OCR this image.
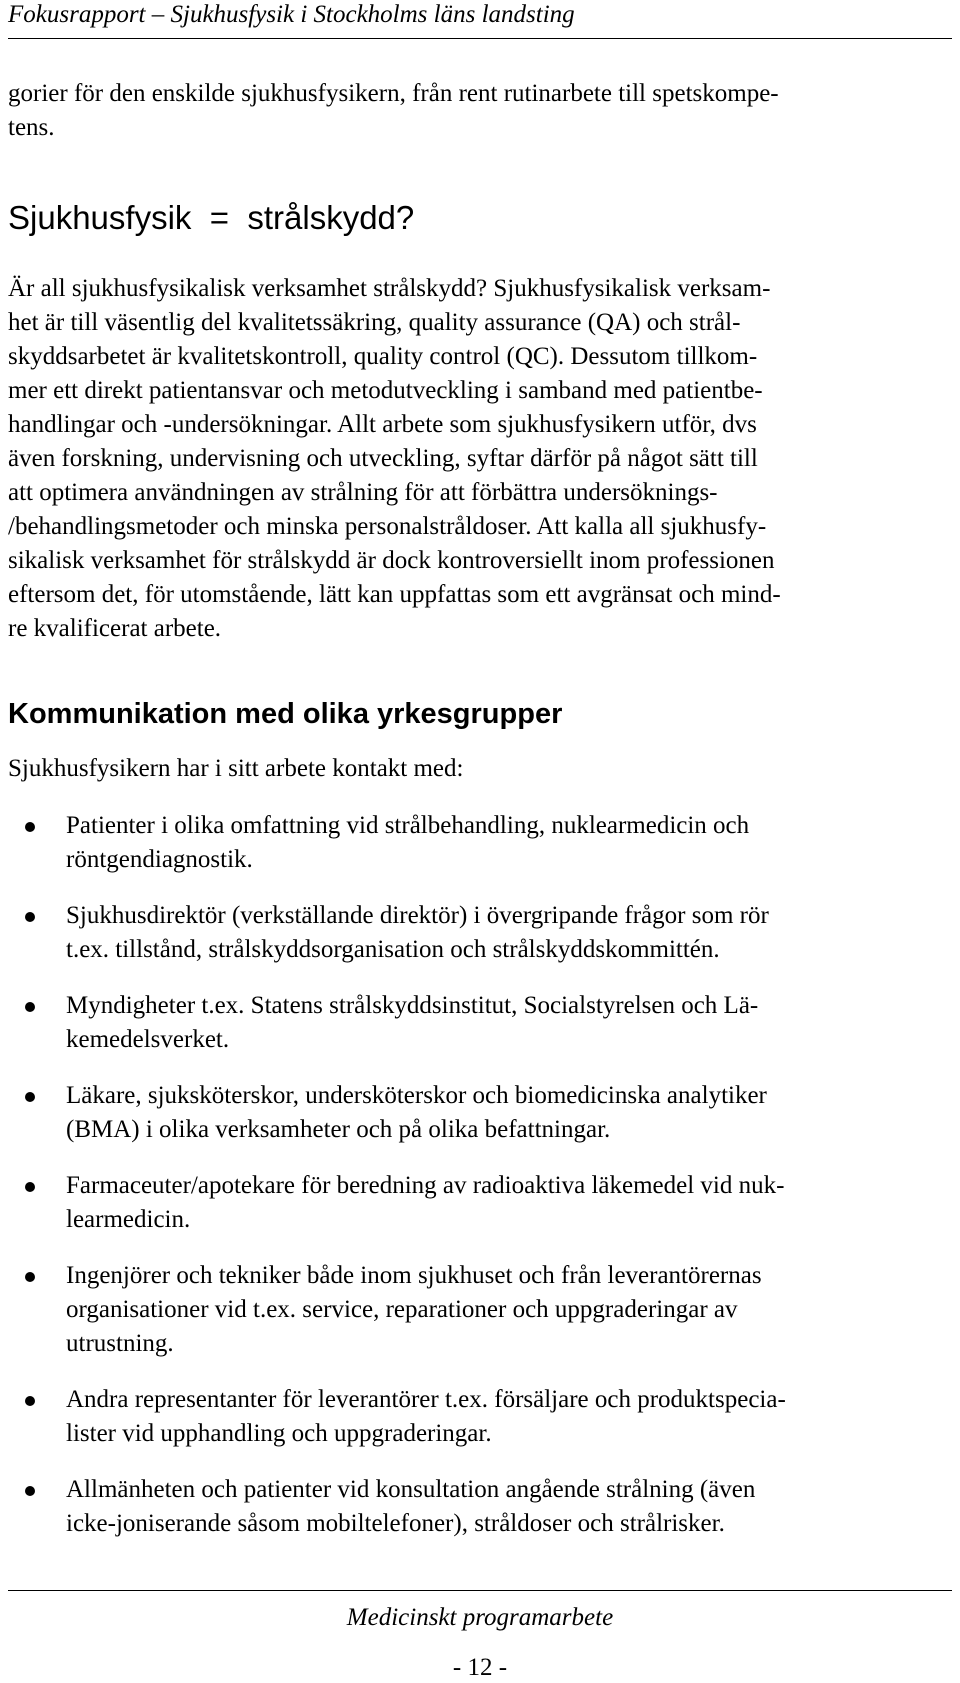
Fokusrapport – Sjukhusfysik i Stockholms läns landsting
gorier för den enskilde sjukhusfysikern, från rent rutinarbete till spetskompe-
tens.
Sjukhusfysik  =  strålskydd?
Är all sjukhusfysikalisk verksamhet strålskydd? Sjukhusfysikalisk verksam-
het är till väsentlig del kvalitetssäkring, quality assurance (QA) och strål-
skyddsarbetet är kvalitetskontroll, quality control (QC). Dessutom tillkom-
mer ett direkt patientansvar och metodutveckling i samband med patientbe-
handlingar och -undersökningar. Allt arbete som sjukhusfysikern utför, dvs
även forskning, undervisning och utveckling, syftar därför på något sätt till
att optimera användningen av strålning för att förbättra undersöknings-
/behandlingsmetoder och minska personalstråldoser. Att kalla all sjukhusfy-
sikalisk verksamhet för strålskydd är dock kontroversiellt inom professionen
eftersom det, för utomstående, lätt kan uppfattas som ett avgränsat och mind-
re kvalificerat arbete.
Kommunikation med olika yrkesgrupper
Sjukhusfysikern har i sitt arbete kontakt med:
Patienter i olika omfattning vid strålbehandling, nuklearmedicin och
röntgendiagnostik.
Sjukhusdirektör (verkställande direktör) i övergripande frågor som rör
t.ex. tillstånd, strålskyddsorganisation och strålskyddskommittén.
Myndigheter t.ex. Statens strålskyddsinstitut, Socialstyrelsen och Lä-
kemedelsverket.
Läkare, sjuksköterskor, undersköterskor och biomedicinska analytiker
(BMA) i olika verksamheter och på olika befattningar.
Farmaceuter/apotekare för beredning av radioaktiva läkemedel vid nuk-
learmedicin.
Ingenjörer och tekniker både inom sjukhuset och från leverantörernas
organisationer vid t.ex. service, reparationer och uppgraderingar av
utrustning.
Andra representanter för leverantörer t.ex. försäljare och produktspecia-
lister vid upphandling och uppgraderingar.
Allmänheten och patienter vid konsultation angående strålning (även
icke-joniserande såsom mobiltelefoner), stråldoser och strålrisker.
Medicinskt programarbete
- 12 -
